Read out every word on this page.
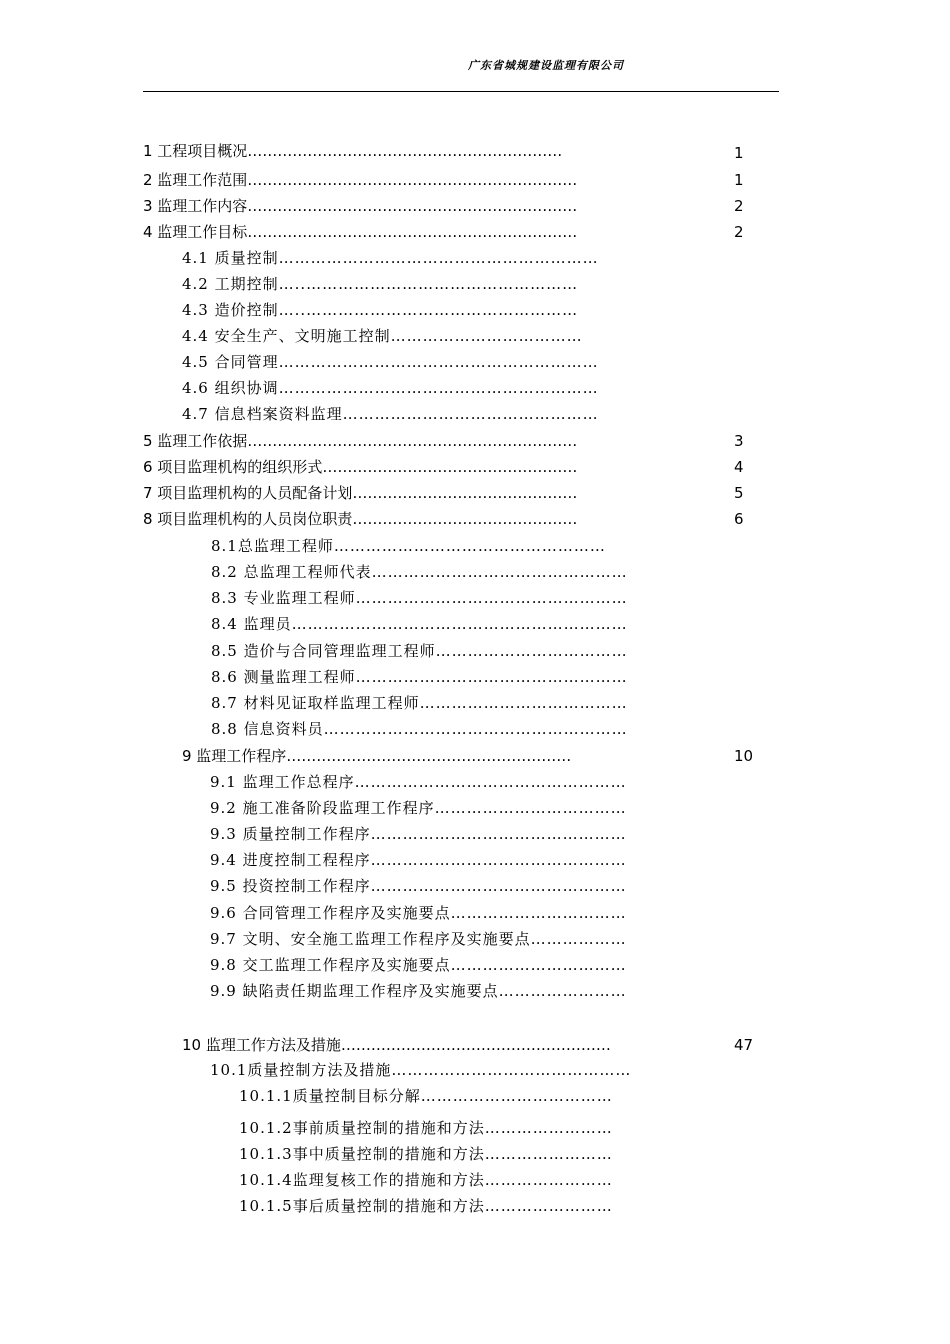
广东省城规建设监理有限公司
1 工程项目概况………………………………………………………	1
2 监理工作范围…………………………………………………………	1
3 监理工作内容…………………………………………………………	2
4 监理工作目标…………………………………………………………	2
4.1 质量控制……………………………………………………
4.2 工期控制…..……………………………………………
4.3 造价控制…..……………………………………………
4.4 安全生产、文明施工控制………………………………
4.5 合同管理……………………………………………………
4.6 组织协调……………………………………………………
4.7 信息档案资料监理…………………………………………
5 监理工作依据…………………………………………………………	3
6 项目监理机构的组织形式……………………………………………	4
7 项目监理机构的人员配备计划………………………………………	5
8 项目监理机构的人员岗位职责………………………………………	6
8.1总监理工程师……………………………………………
8.2 总监理工程师代表…………………………………………
8.3 专业监理工程师……………………………………………
8.4 监理员………………………………………………………
8.5 造价与合同管理监理工程师………………………………
8.6 测量监理工程师……………………………………………
8.7 材料见证取样监理工程师…………………………………
8.8 信息资料员…………………………………………………
9 监理工作程序…………………………………………………	10
9.1 监理工作总程序……………………………………………
9.2 施工准备阶段监理工作程序………………………………
9.3 质量控制工作程序…………………………………………
9.4 进度控制工程程序…………………………………………
9.5 投资控制工作程序…………………………………………
9.6 合同管理工作程序及实施要点……………………………
9.7 文明、安全施工监理工作程序及实施要点………………
9.8 交工监理工作程序及实施要点……………………………
9.9 缺陷责任期监理工作程序及实施要点……………………
10 监理工作方法及措施………………………………………………	47
10.1质量控制方法及措施………………………………………
10.1.1质量控制目标分解………………………………
10.1.2事前质量控制的措施和方法……………………
10.1.3事中质量控制的措施和方法……………………
10.1.4监理复核工作的措施和方法……………………
10.1.5事后质量控制的措施和方法……………………
